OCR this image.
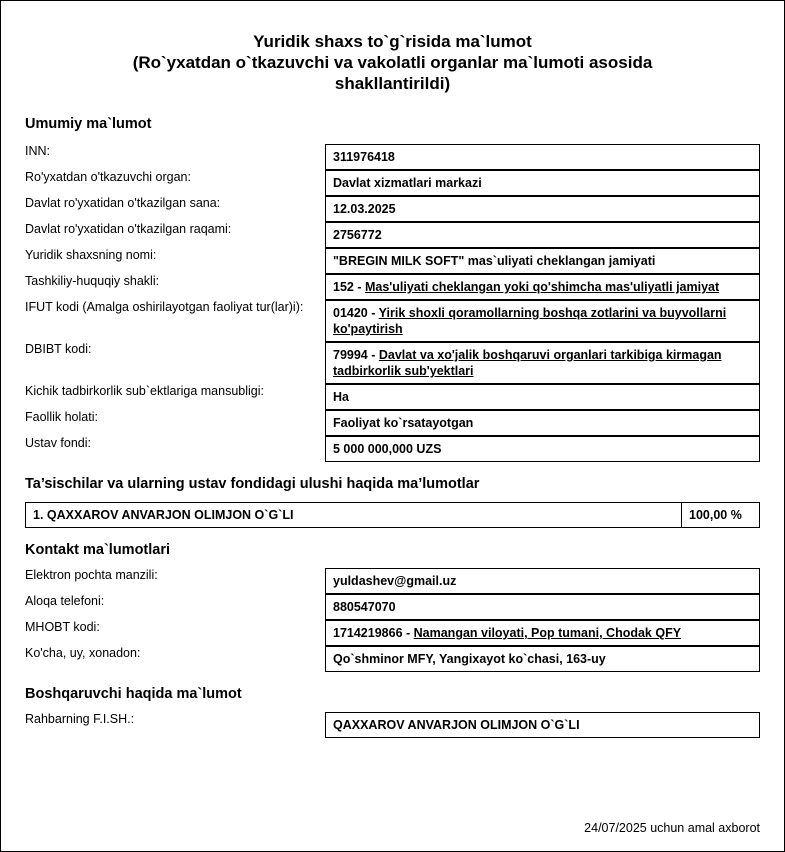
Yuridik shaxs to`g`risida ma`lumot
(Ro`yxatdan o`tkazuvchi va vakolatli organlar ma`lumoti asosida
shakllantirildi)
Umumiy ma`lumot
INN:	311976418

Ro'yxatdan o'tkazuvchi organ:	Davlat xizmatlari markazi

Davlat ro'yxatidan o'tkazilgan sana:	12.03.2025

Davlat ro'yxatidan o'tkazilgan raqami:	2756772

Yuridik shaxsning nomi:	"BREGIN MILK SOFT" mas`uliyati cheklangan jamiyati

Tashkiliy-huquqiy shakli:	152 - Mas'uliyati cheklangan yoki qo'shimcha mas'uliyatli jamiyat

IFUT kodi (Amalga oshirilayotgan faoliyat tur(lar)i):	01420 - Yirik shoxli qoramollarning boshqa zotlarini va buyvollarni ko'paytirish

DBIBT kodi:	79994 - Davlat va xo'jalik boshqaruvi organlari tarkibiga kirmagan tadbirkorlik sub'yektlari

Kichik tadbirkorlik sub`ektlariga mansubligi:	Ha

Faollik holati:	Faoliyat ko`rsatayotgan

Ustav fondi:	5 000 000,000 UZS
Ta’sischilar va ularning ustav fondidagi ulushi haqida ma’lumotlar
1. QAXXAROV ANVARJON OLIMJON O`G`LI	100,00 %
Kontakt ma`lumotlari
Elektron pochta manzili:	yuldashev@gmail.uz

Aloqa telefoni:	880547070

MHOBT kodi:	1714219866 - Namangan viloyati, Pop tumani, Chodak QFY

Ko'cha, uy, xonadon:	Qo`shminor MFY, Yangixayot ko`chasi, 163-uy
Boshqaruvchi haqida ma`lumot
Rahbarning F.I.SH.:	QAXXAROV ANVARJON OLIMJON O`G`LI
24/07/2025 uchun amal axborot
